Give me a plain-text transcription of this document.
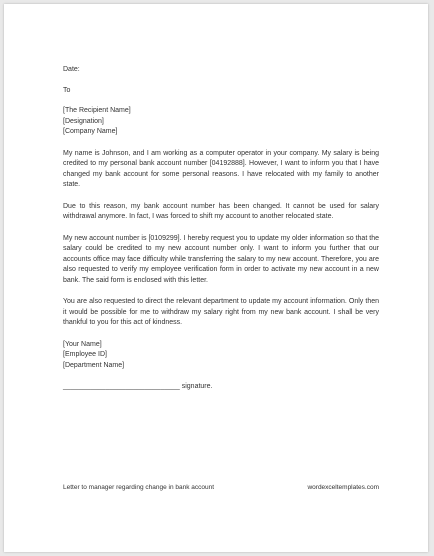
Date:

To

[The Recipient Name]

[Designation]

[Company Name]

My name is Johnson, and I am working as a computer operator in your company. My salary is being credited to my personal bank account number [04192888]. However, I want to inform you that I have changed my bank account for some personal reasons. I have relocated with my family to another state.

Due to this reason, my bank account number has been changed. It cannot be used for salary withdrawal anymore. In fact, I was forced to shift my account to another relocated state.

My new account number is [0109299]. I hereby request you to update my older information so that the salary could be credited to my new account number only. I want to inform you further that our accounts office may face difficulty while transferring the salary to my new account. Therefore, you are also requested to verify my employee verification form in order to activate my new account in a new bank. The said form is enclosed with this letter.

You are also requested to direct the relevant department to update my account information. Only then it would be possible for me to withdraw my salary right from my new bank account. I shall be very thankful to you for this act of kindness.

[Your Name]

[Employee ID]

[Department Name]

______________________________ signature.

Letter to manager regarding change in bank account	wordexceltemplates.com
